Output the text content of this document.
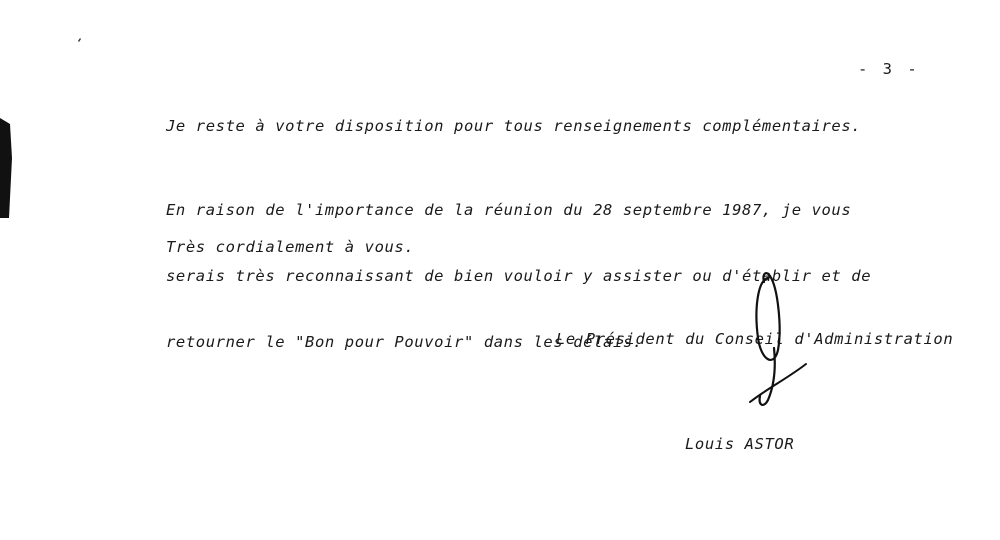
- 3 -
Je reste à votre disposition pour tous renseignements complémentaires.

En raison de l'importance de la réunion du 28 septembre 1987, je vous

serais très reconnaissant de bien vouloir y assister ou d'établir et de

retourner le "Bon pour Pouvoir" dans les délais.

Très cordialement à vous.
Le Président du Conseil d'Administration
Louis ASTOR
